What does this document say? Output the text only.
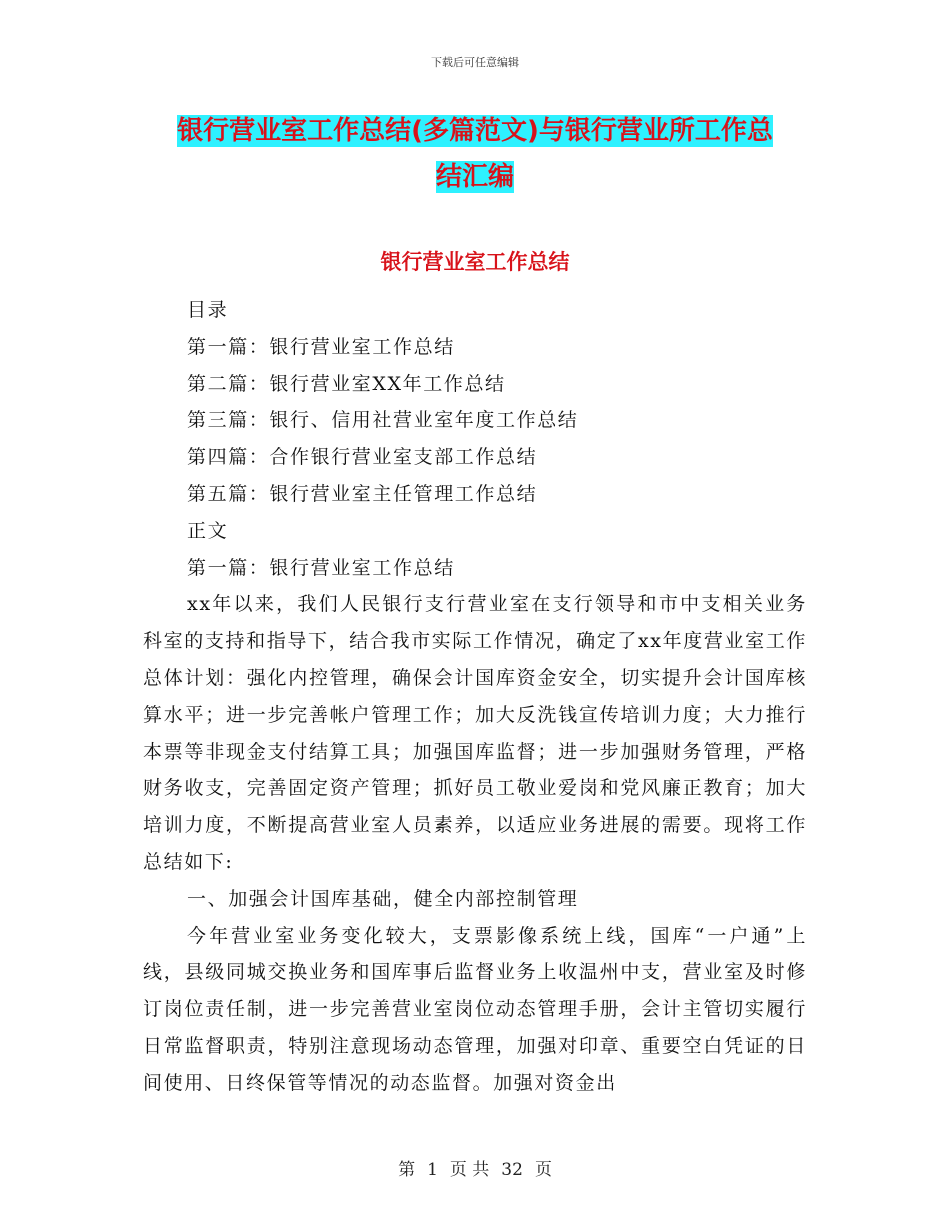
下载后可任意编辑
银行营业室工作总结(多篇范文)与银行营业所工作总
结汇编
银行营业室工作总结
目录
第一篇：银行营业室工作总结
第二篇：银行营业室XX年工作总结
第三篇：银行、信用社营业室年度工作总结
第四篇：合作银行营业室支部工作总结
第五篇：银行营业室主任管理工作总结
正文
第一篇：银行营业室工作总结
xx年以来，我们人民银行支行营业室在支行领导和市中支相关业务科室的支持和指导下，结合我市实际工作情况，确定了xx年度营业室工作总体计划：强化内控管理，确保会计国库资金安全，切实提升会计国库核算水平；进一步完善帐户管理工作；加大反洗钱宣传培训力度；大力推行本票等非现金支付结算工具；加强国库监督；进一步加强财务管理，严格财务收支，完善固定资产管理；抓好员工敬业爱岗和党风廉正教育；加大培训力度，不断提高营业室人员素养，以适应业务进展的需要。现将工作总结如下:
一、加强会计国库基础，健全内部控制管理
今年营业室业务变化较大，支票影像系统上线，国库“一户通”上线，县级同城交换业务和国库事后监督业务上收温州中支，营业室及时修订岗位责任制，进一步完善营业室岗位动态管理手册，会计主管切实履行日常监督职责，特别注意现场动态管理，加强对印章、重要空白凭证的日间使用、日终保管等情况的动态监督。加强对资金出
第 1 页 共 32 页
